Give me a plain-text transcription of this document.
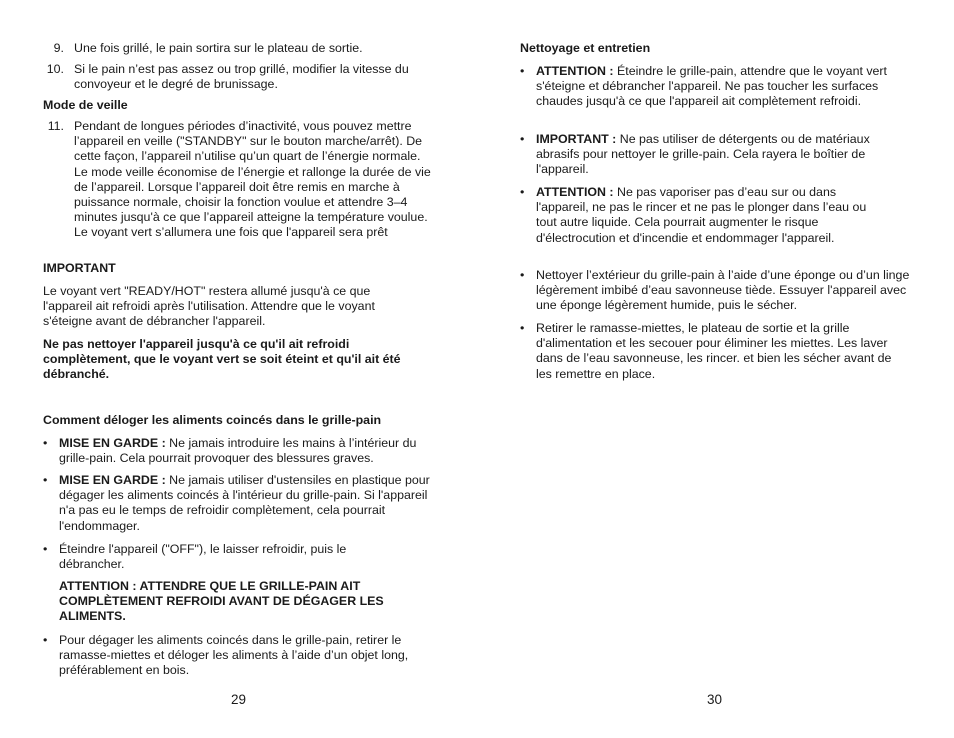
9. Une fois grillé, le pain sortira sur le plateau de sortie.
10. Si le pain n’est pas assez ou trop grillé, modifier la vitesse du convoyeur et le degré de brunissage.
Mode de veille
11. Pendant de longues périodes d’inactivité, vous pouvez mettre l’appareil en veille ("STANDBY" sur le bouton marche/arrêt). De cette façon, l’appareil n’utilise qu’un quart de l’énergie normale. Le mode veille économise de l’énergie et rallonge la durée de vie de l’appareil. Lorsque l’appareil doit être remis en marche à puissance normale, choisir la fonction voulue et attendre 3–4 minutes jusqu'à ce que l’appareil atteigne la température voulue. Le voyant vert s’allumera une fois que l'appareil sera prêt
IMPORTANT
Le voyant vert "READY/HOT" restera allumé jusqu'à ce que l'appareil ait refroidi après l'utilisation. Attendre que le voyant s'éteigne avant de débrancher l'appareil.
Ne pas nettoyer l'appareil jusqu'à ce qu'il ait refroidi complètement, que le voyant vert se soit éteint et qu'il ait été débranché.
Comment déloger les aliments coincés dans le grille-pain
• MISE EN GARDE : Ne jamais introduire les mains à l’intérieur du grille-pain. Cela pourrait provoquer des blessures graves.
• MISE EN GARDE : Ne jamais utiliser d'ustensiles en plastique pour dégager les aliments coincés à l'intérieur du grille-pain. Si l'appareil n'a pas eu le temps de refroidir complètement, cela pourrait l'endommager.
• Éteindre l'appareil ("OFF"), le laisser refroidir, puis le débrancher.
ATTENTION : ATTENDRE QUE LE GRILLE-PAIN AIT COMPLÈTEMENT REFROIDI AVANT DE DÉGAGER LES ALIMENTS.
• Pour dégager les aliments coincés dans le grille-pain, retirer le ramasse-miettes et déloger les aliments à l’aide d’un objet long, préférablement en bois.
29
Nettoyage et entretien
• ATTENTION : Éteindre le grille-pain, attendre que le voyant vert s'éteigne et débrancher l'appareil. Ne pas toucher les surfaces chaudes jusqu'à ce que l'appareil ait complètement refroidi.
• IMPORTANT : Ne pas utiliser de détergents ou de matériaux abrasifs pour nettoyer le grille-pain. Cela rayera le boîtier de l'appareil.
• ATTENTION : Ne pas vaporiser pas d’eau sur ou dans l'appareil, ne pas le rincer et ne pas le plonger dans l’eau ou tout autre liquide. Cela pourrait augmenter le risque d'électrocution et d'incendie et endommager l'appareil.
• Nettoyer l’extérieur du grille-pain à l’aide d’une éponge ou d’un linge légèrement imbibé d’eau savonneuse tiède. Essuyer l'appareil avec une éponge légèrement humide, puis le sécher.
• Retirer le ramasse-miettes, le plateau de sortie et la grille d'alimentation et les secouer pour éliminer les miettes. Les laver dans de l’eau savonneuse, les rincer. et bien les sécher avant de les remettre en place.
30
